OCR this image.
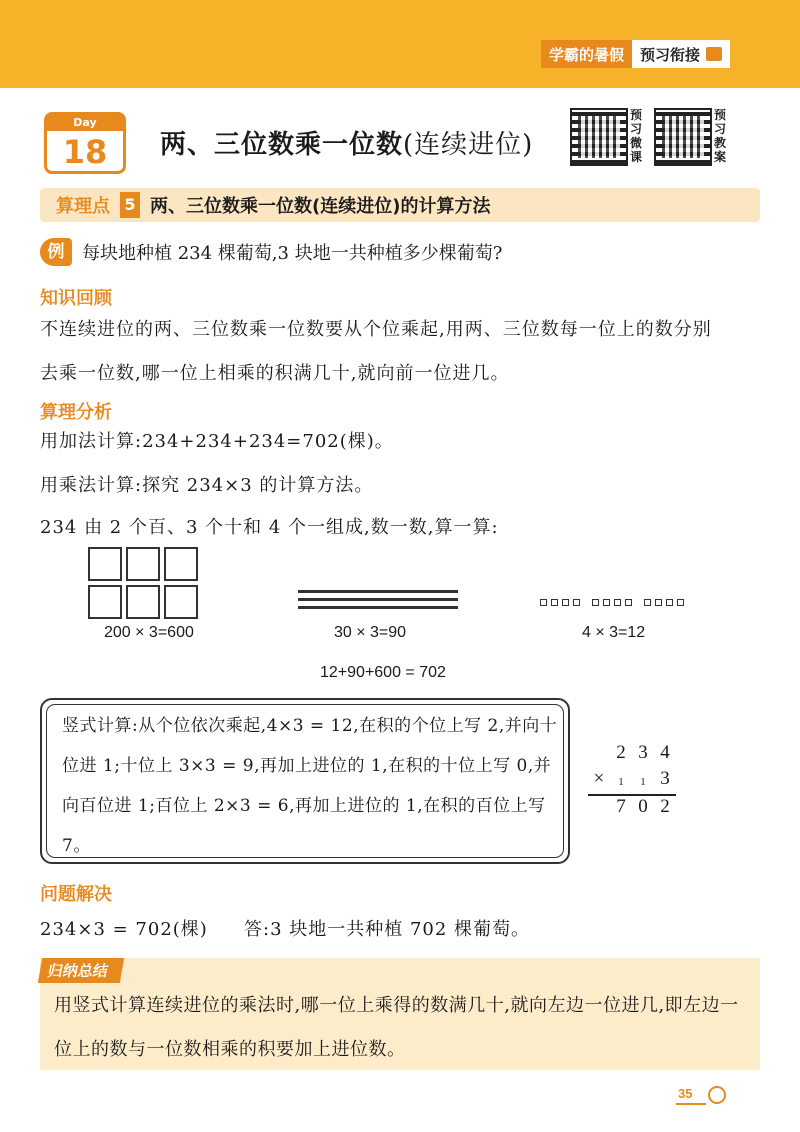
学霸的暑假	预习衔接
Day
18	两、三位数乘一位数(连续进位)
预习微课
预习教案
算理点 5 两、三位数乘一位数(连续进位)的计算方法
例 每块地种植 234 棵葡萄,3 块地一共种植多少棵葡萄?
知识回顾
不连续进位的两、三位数乘一位数要从个位乘起,用两、三位数每一位上的数分别去乘一位数,哪一位上相乘的积满几十,就向前一位进几。
算理分析
用加法计算:234+234+234=702(棵)。
用乘法计算:探究 234×3 的计算方法。
234 由 2 个百、3 个十和 4 个一组成,数一数,算一算:
200 × 3=600	30 × 3=90	4 × 3=12
12+90+600 = 702
竖式计算:从个位依次乘起,4×3 = 12,在积的个位上写 2,并向十位进 1;十位上 3×3 = 9,再加上进位的 1,在积的十位上写 0,并向百位进 1;百位上 2×3 = 6,再加上进位的 1,在积的百位上写 7。
2 3 4
×	1	1 3
7 0 2
问题解决
234×3 = 702(棵)	答:3 块地一共种植 702 棵葡萄。
归纳总结
用竖式计算连续进位的乘法时,哪一位上乘得的数满几十,就向左边一位进几,即左边一位上的数与一位数相乘的积要加上进位数。
35
